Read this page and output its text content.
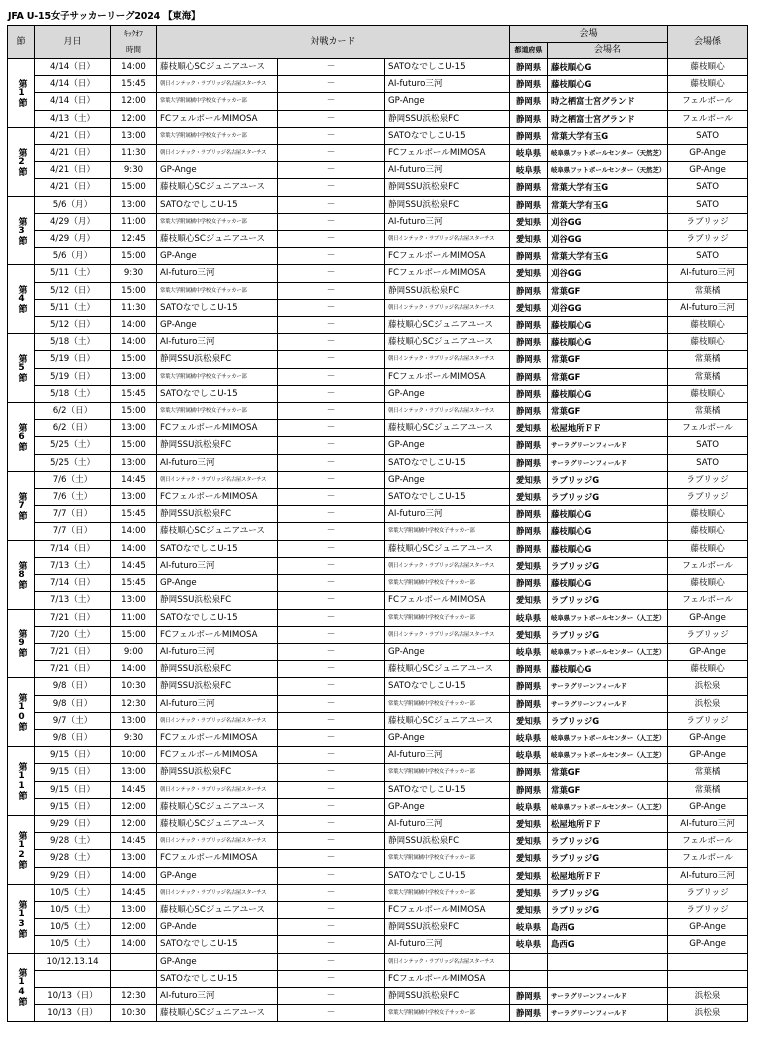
JFA U-15女子サッカーリーグ2024 【東海】
節	月日	ｷｯｸｵﾌ
時間	対戦カード			会場		会場係
						都道府県	会場名	
第1節	4/14（日）	14:00	藤枝順心SCジュニアユース	－	SATOなでしこU-15	静岡県	藤枝順心G	藤枝順心
	4/14（日）	15:45	朝日インテック・ラブリッジ名古屋スターチス	－	AI-futuro三河	静岡県	藤枝順心G	藤枝順心
	4/14（日）	12:00	常葉大学附属橘中学校女子サッカー部	－	GP-Ange	静岡県	時之栖富士宮グランド	フェルボール
	4/13（土）	12:00	FCフェルボールMIMOSA	－	静岡SSU浜松泉FC	静岡県	時之栖富士宮グランド	フェルボール
第2節	4/21（日）	13:00	常葉大学附属橘中学校女子サッカー部	－	SATOなでしこU-15	静岡県	常葉大学有玉G	SATO
	4/21（日）	11:30	朝日インテック・ラブリッジ名古屋スターチス	－	FCフェルボールMIMOSA	岐阜県	岐阜県フットボールセンター（天然芝）	GP-Ange
	4/21（日）	9:30	GP-Ange	－	AI-futuro三河	岐阜県	岐阜県フットボールセンター（天然芝）	GP-Ange
	4/21（日）	15:00	藤枝順心SCジュニアユース	－	静岡SSU浜松泉FC	静岡県	常葉大学有玉G	SATO
第3節	5/6（月）	13:00	SATOなでしこU-15	－	静岡SSU浜松泉FC	静岡県	常葉大学有玉G	SATO
	4/29（月）	11:00	常葉大学附属橘中学校女子サッカー部	－	AI-futuro三河	愛知県	刈谷GG	ラブリッジ
	4/29（月）	12:45	藤枝順心SCジュニアユース	－	朝日インテック・ラブリッジ名古屋スターチス	愛知県	刈谷GG	ラブリッジ
	5/6（月）	15:00	GP-Ange	－	FCフェルボールMIMOSA	静岡県	常葉大学有玉G	SATO
第4節	5/11（土）	9:30	AI-futuro三河	－	FCフェルボールMIMOSA	愛知県	刈谷GG	AI-futuro三河
	5/12（日）	15:00	常葉大学附属橘中学校女子サッカー部	－	静岡SSU浜松泉FC	静岡県	常葉GF	常葉橘
	5/11（土）	11:30	SATOなでしこU-15	－	朝日インテック・ラブリッジ名古屋スターチス	愛知県	刈谷GG	AI-futuro三河
	5/12（日）	14:00	GP-Ange	－	藤枝順心SCジュニアユース	静岡県	藤枝順心G	藤枝順心
第5節	5/18（土）	14:00	AI-futuro三河	－	藤枝順心SCジュニアユース	静岡県	藤枝順心G	藤枝順心
	5/19（日）	15:00	静岡SSU浜松泉FC	－	朝日インテック・ラブリッジ名古屋スターチス	静岡県	常葉GF	常葉橘
	5/19（日）	13:00	常葉大学附属橘中学校女子サッカー部	－	FCフェルボールMIMOSA	静岡県	常葉GF	常葉橘
	5/18（土）	15:45	SATOなでしこU-15	－	GP-Ange	静岡県	藤枝順心G	藤枝順心
第6節	6/2（日）	15:00	常葉大学附属橘中学校女子サッカー部	－	朝日インテック・ラブリッジ名古屋スターチス	静岡県	常葉GF	常葉橘
	6/2（日）	13:00	FCフェルボールMIMOSA	－	藤枝順心SCジュニアユース	愛知県	松屋地所ＦＦ	フェルボール
	5/25（土）	15:00	静岡SSU浜松泉FC	－	GP-Ange	静岡県	サーラグリーンフィールド	SATO
	5/25（土）	13:00	AI-futuro三河	－	SATOなでしこU-15	静岡県	サーラグリーンフィールド	SATO
第7節	7/6（土）	14:45	朝日インテック・ラブリッジ名古屋スターチス	－	GP-Ange	愛知県	ラブリッジG	ラブリッジ
	7/6（土）	13:00	FCフェルボールMIMOSA	－	SATOなでしこU-15	愛知県	ラブリッジG	ラブリッジ
	7/7（日）	15:45	静岡SSU浜松泉FC	－	AI-futuro三河	静岡県	藤枝順心G	藤枝順心
	7/7（日）	14:00	藤枝順心SCジュニアユース	－	常葉大学附属橘中学校女子サッカー部	静岡県	藤枝順心G	藤枝順心
第8節	7/14（日）	14:00	SATOなでしこU-15	－	藤枝順心SCジュニアユース	静岡県	藤枝順心G	藤枝順心
	7/13（土）	14:45	AI-futuro三河	－	朝日インテック・ラブリッジ名古屋スターチス	愛知県	ラブリッジG	フェルボール
	7/14（日）	15:45	GP-Ange	－	常葉大学附属橘中学校女子サッカー部	静岡県	藤枝順心G	藤枝順心
	7/13（土）	13:00	静岡SSU浜松泉FC	－	FCフェルボールMIMOSA	愛知県	ラブリッジG	フェルボール
第9節	7/21（日）	11:00	SATOなでしこU-15	－	常葉大学附属橘中学校女子サッカー部	岐阜県	岐阜県フットボールセンター（人工芝）	GP-Ange
	7/20（土）	15:00	FCフェルボールMIMOSA	－	朝日インテック・ラブリッジ名古屋スターチス	愛知県	ラブリッジG	ラブリッジ
	7/21（日）	9:00	AI-futuro三河	－	GP-Ange	岐阜県	岐阜県フットボールセンター（人工芝）	GP-Ange
	7/21（日）	14:00	静岡SSU浜松泉FC	－	藤枝順心SCジュニアユース	静岡県	藤枝順心G	藤枝順心
第10節	9/8（日）	10:30	静岡SSU浜松泉FC	－	SATOなでしこU-15	静岡県	サーラグリーンフィールド	浜松泉
	9/8（日）	12:30	AI-futuro三河	－	常葉大学附属橘中学校女子サッカー部	静岡県	サーラグリーンフィールド	浜松泉
	9/7（土）	13:00	朝日インテック・ラブリッジ名古屋スターチス	－	藤枝順心SCジュニアユース	愛知県	ラブリッジG	ラブリッジ
	9/8（日）	9:30	FCフェルボールMIMOSA	－	GP-Ange	岐阜県	岐阜県フットボールセンター（人工芝）	GP-Ange
第11節	9/15（日）	10:00	FCフェルボールMIMOSA	－	AI-futuro三河	岐阜県	岐阜県フットボールセンター（人工芝）	GP-Ange
	9/15（日）	13:00	静岡SSU浜松泉FC	－	常葉大学附属橘中学校女子サッカー部	静岡県	常葉GF	常葉橘
	9/15（日）	14:45	朝日インテック・ラブリッジ名古屋スターチス	－	SATOなでしこU-15	静岡県	常葉GF	常葉橘
	9/15（日）	12:00	藤枝順心SCジュニアユース	－	GP-Ange	岐阜県	岐阜県フットボールセンター（人工芝）	GP-Ange
第12節	9/29（日）	12:00	藤枝順心SCジュニアユース	－	AI-futuro三河	愛知県	松屋地所ＦＦ	AI-futuro三河
	9/28（土）	14:45	朝日インテック・ラブリッジ名古屋スターチス	－	静岡SSU浜松泉FC	愛知県	ラブリッジG	フェルボール
	9/28（土）	13:00	FCフェルボールMIMOSA	－	常葉大学附属橘中学校女子サッカー部	愛知県	ラブリッジG	フェルボール
	9/29（日）	14:00	GP-Ange	－	SATOなでしこU-15	愛知県	松屋地所ＦＦ	AI-futuro三河
第13節	10/5（土）	14:45	朝日インテック・ラブリッジ名古屋スターチス	－	常葉大学附属橘中学校女子サッカー部	愛知県	ラブリッジG	ラブリッジ
	10/5（土）	13:00	藤枝順心SCジュニアユース	－	FCフェルボールMIMOSA	愛知県	ラブリッジG	ラブリッジ
	10/5（土）	12:00	GP-Ande	－	静岡SSU浜松泉FC	岐阜県	島西G	GP-Ange
	10/5（土）	14:00	SATOなでしこU-15	－	AI-futuro三河	岐阜県	島西G	GP-Ange
第14節	10/12.13.14		GP-Ange	－	朝日インテック・ラブリッジ名古屋スターチス			
			SATOなでしこU-15	－	FCフェルボールMIMOSA			
	10/13（日）	12:30	AI-futuro三河	－	静岡SSU浜松泉FC	静岡県	サーラグリーンフィールド	浜松泉
	10/13（日）	10:30	藤枝順心SCジュニアユース	－	常葉大学附属橘中学校女子サッカー部	静岡県	サーラグリーンフィールド	浜松泉
